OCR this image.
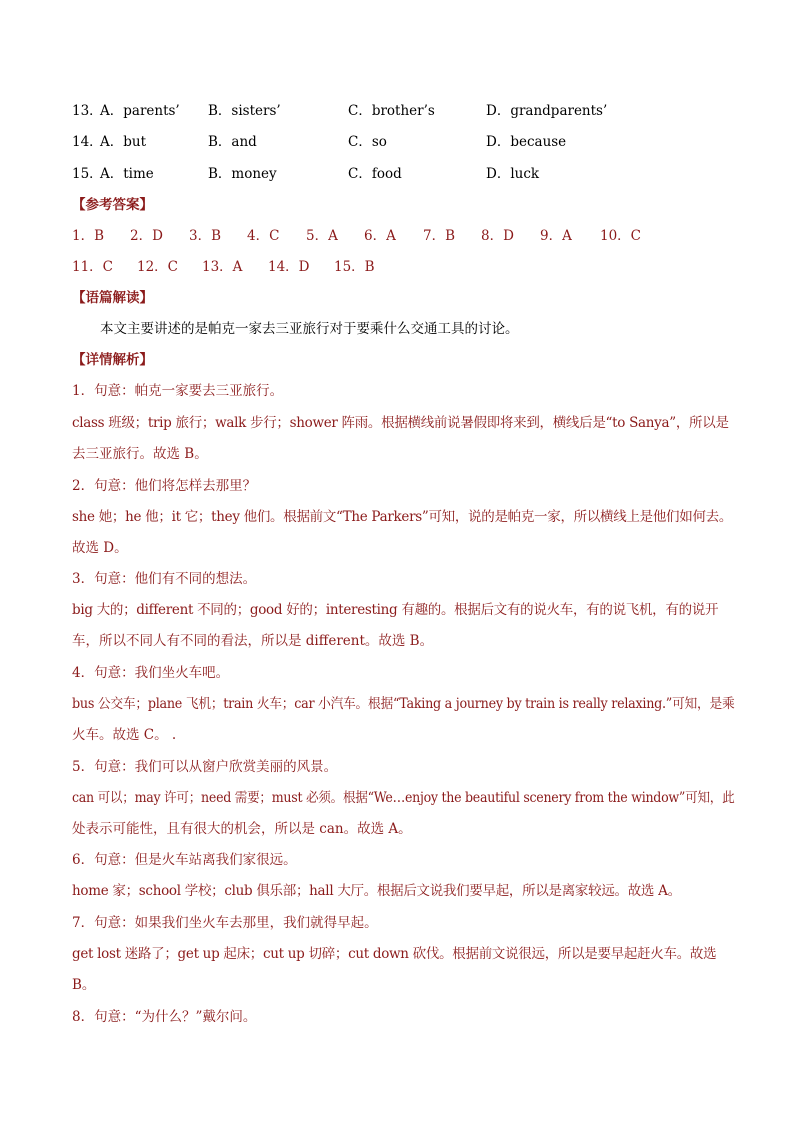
13．
A．parents’ B．sisters’	C．brother’s	D．grandparents’
14．
A．but	B．and	C．so	D．because
15．
A．time	B．money	C．food	D．luck
【参考答案】
1．B 2．D 3．B 4．C 5．A 6．A 7．B 8．D 9．A 10．C
11．C 12．C 13．A 14．D 15．B
【语篇解读】
本文主要讲述的是帕克一家去三亚旅行对于要乘什么交通工具的讨论。
【详情解析】
1．句意：帕克一家要去三亚旅行。
class 班级；trip 旅行；walk 步行；shower 阵雨。根据横线前说暑假即将来到，横线后是“to Sanya”，所以是
去三亚旅行。故选 B。
2．句意：他们将怎样去那里？
she 她；he 他；it 它；they 他们。根据前文“The Parkers”可知，说的是帕克一家，所以横线上是他们如何去。
故选 D。
3．句意：他们有不同的想法。
big 大的；different 不同的；good 好的；interesting 有趣的。根据后文有的说火车，有的说飞机，有的说开
车，所以不同人有不同的看法，所以是 different。故选 B。
4．句意：我们坐火车吧。
bus 公交车；plane 飞机；train 火车；car 小汽车。根据“Taking a journey by train is really relaxing.”可知，是乘
火车。故选 C。 .
5．句意：我们可以从窗户欣赏美丽的风景。
can 可以；may 许可；need 需要；must 必须。根据“We…enjoy the beautiful scenery from the window”可知，此
处表示可能性，且有很大的机会，所以是 can。故选 A。
6．句意：但是火车站离我们家很远。
home 家；school 学校；club 俱乐部；hall 大厅。根据后文说我们要早起，所以是离家较远。故选 A。
7．句意：如果我们坐火车去那里，我们就得早起。
get lost 迷路了；get up 起床；cut up 切碎；cut down 砍伐。根据前文说很远，所以是要早起赶火车。故选
B。
8．句意：“为什么？”戴尔问。
